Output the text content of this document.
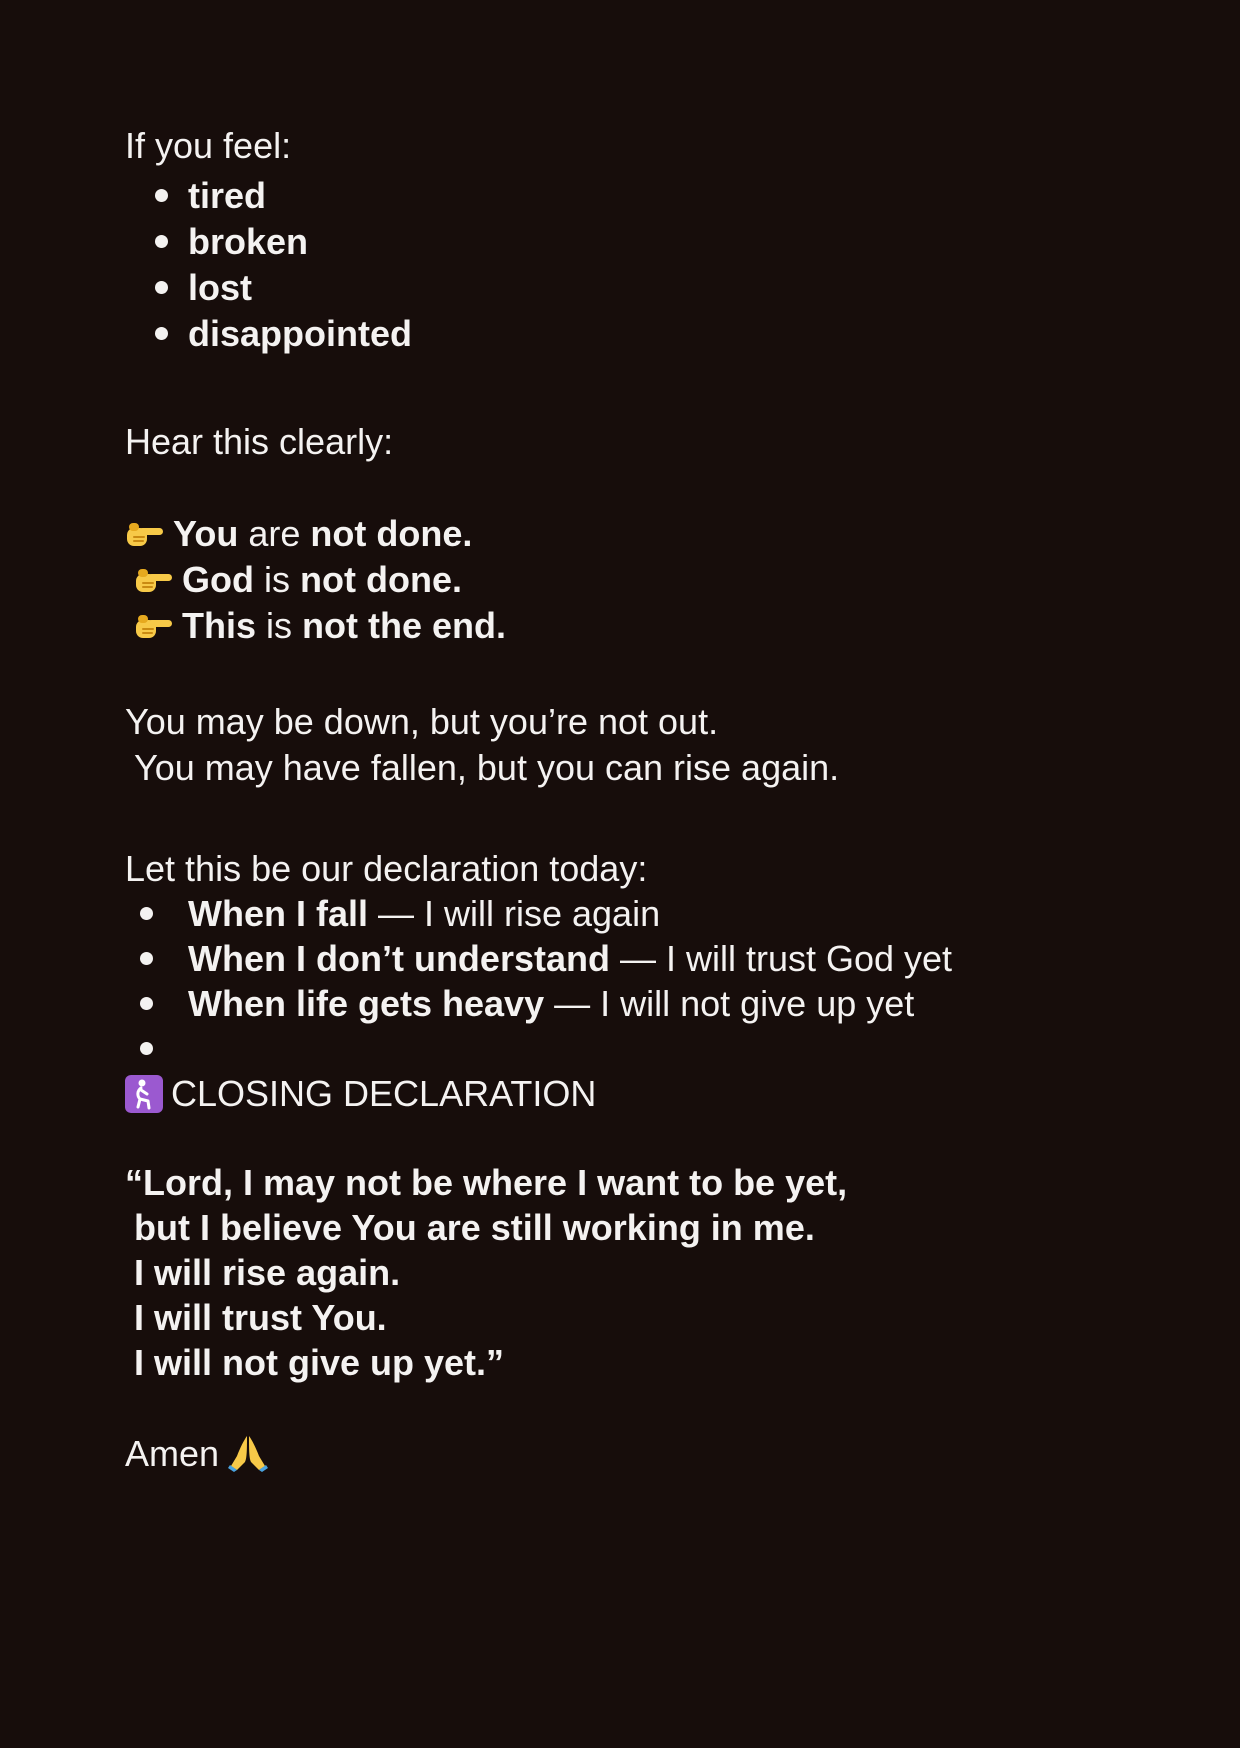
If you feel:
tired
broken
lost
disappointed
Hear this clearly:
You are not done.
God is not done.
This is not the end.
You may be down, but you’re not out.
You may have fallen, but you can rise again.
Let this be our declaration today:
When I fall — I will rise again
When I don’t understand — I will trust God yet
When life gets heavy — I will not give up yet
CLOSING DECLARATION
“Lord, I may not be where I want to be yet,
but I believe You are still working in me.
I will rise again.
I will trust You.
I will not give up yet.”
Amen
